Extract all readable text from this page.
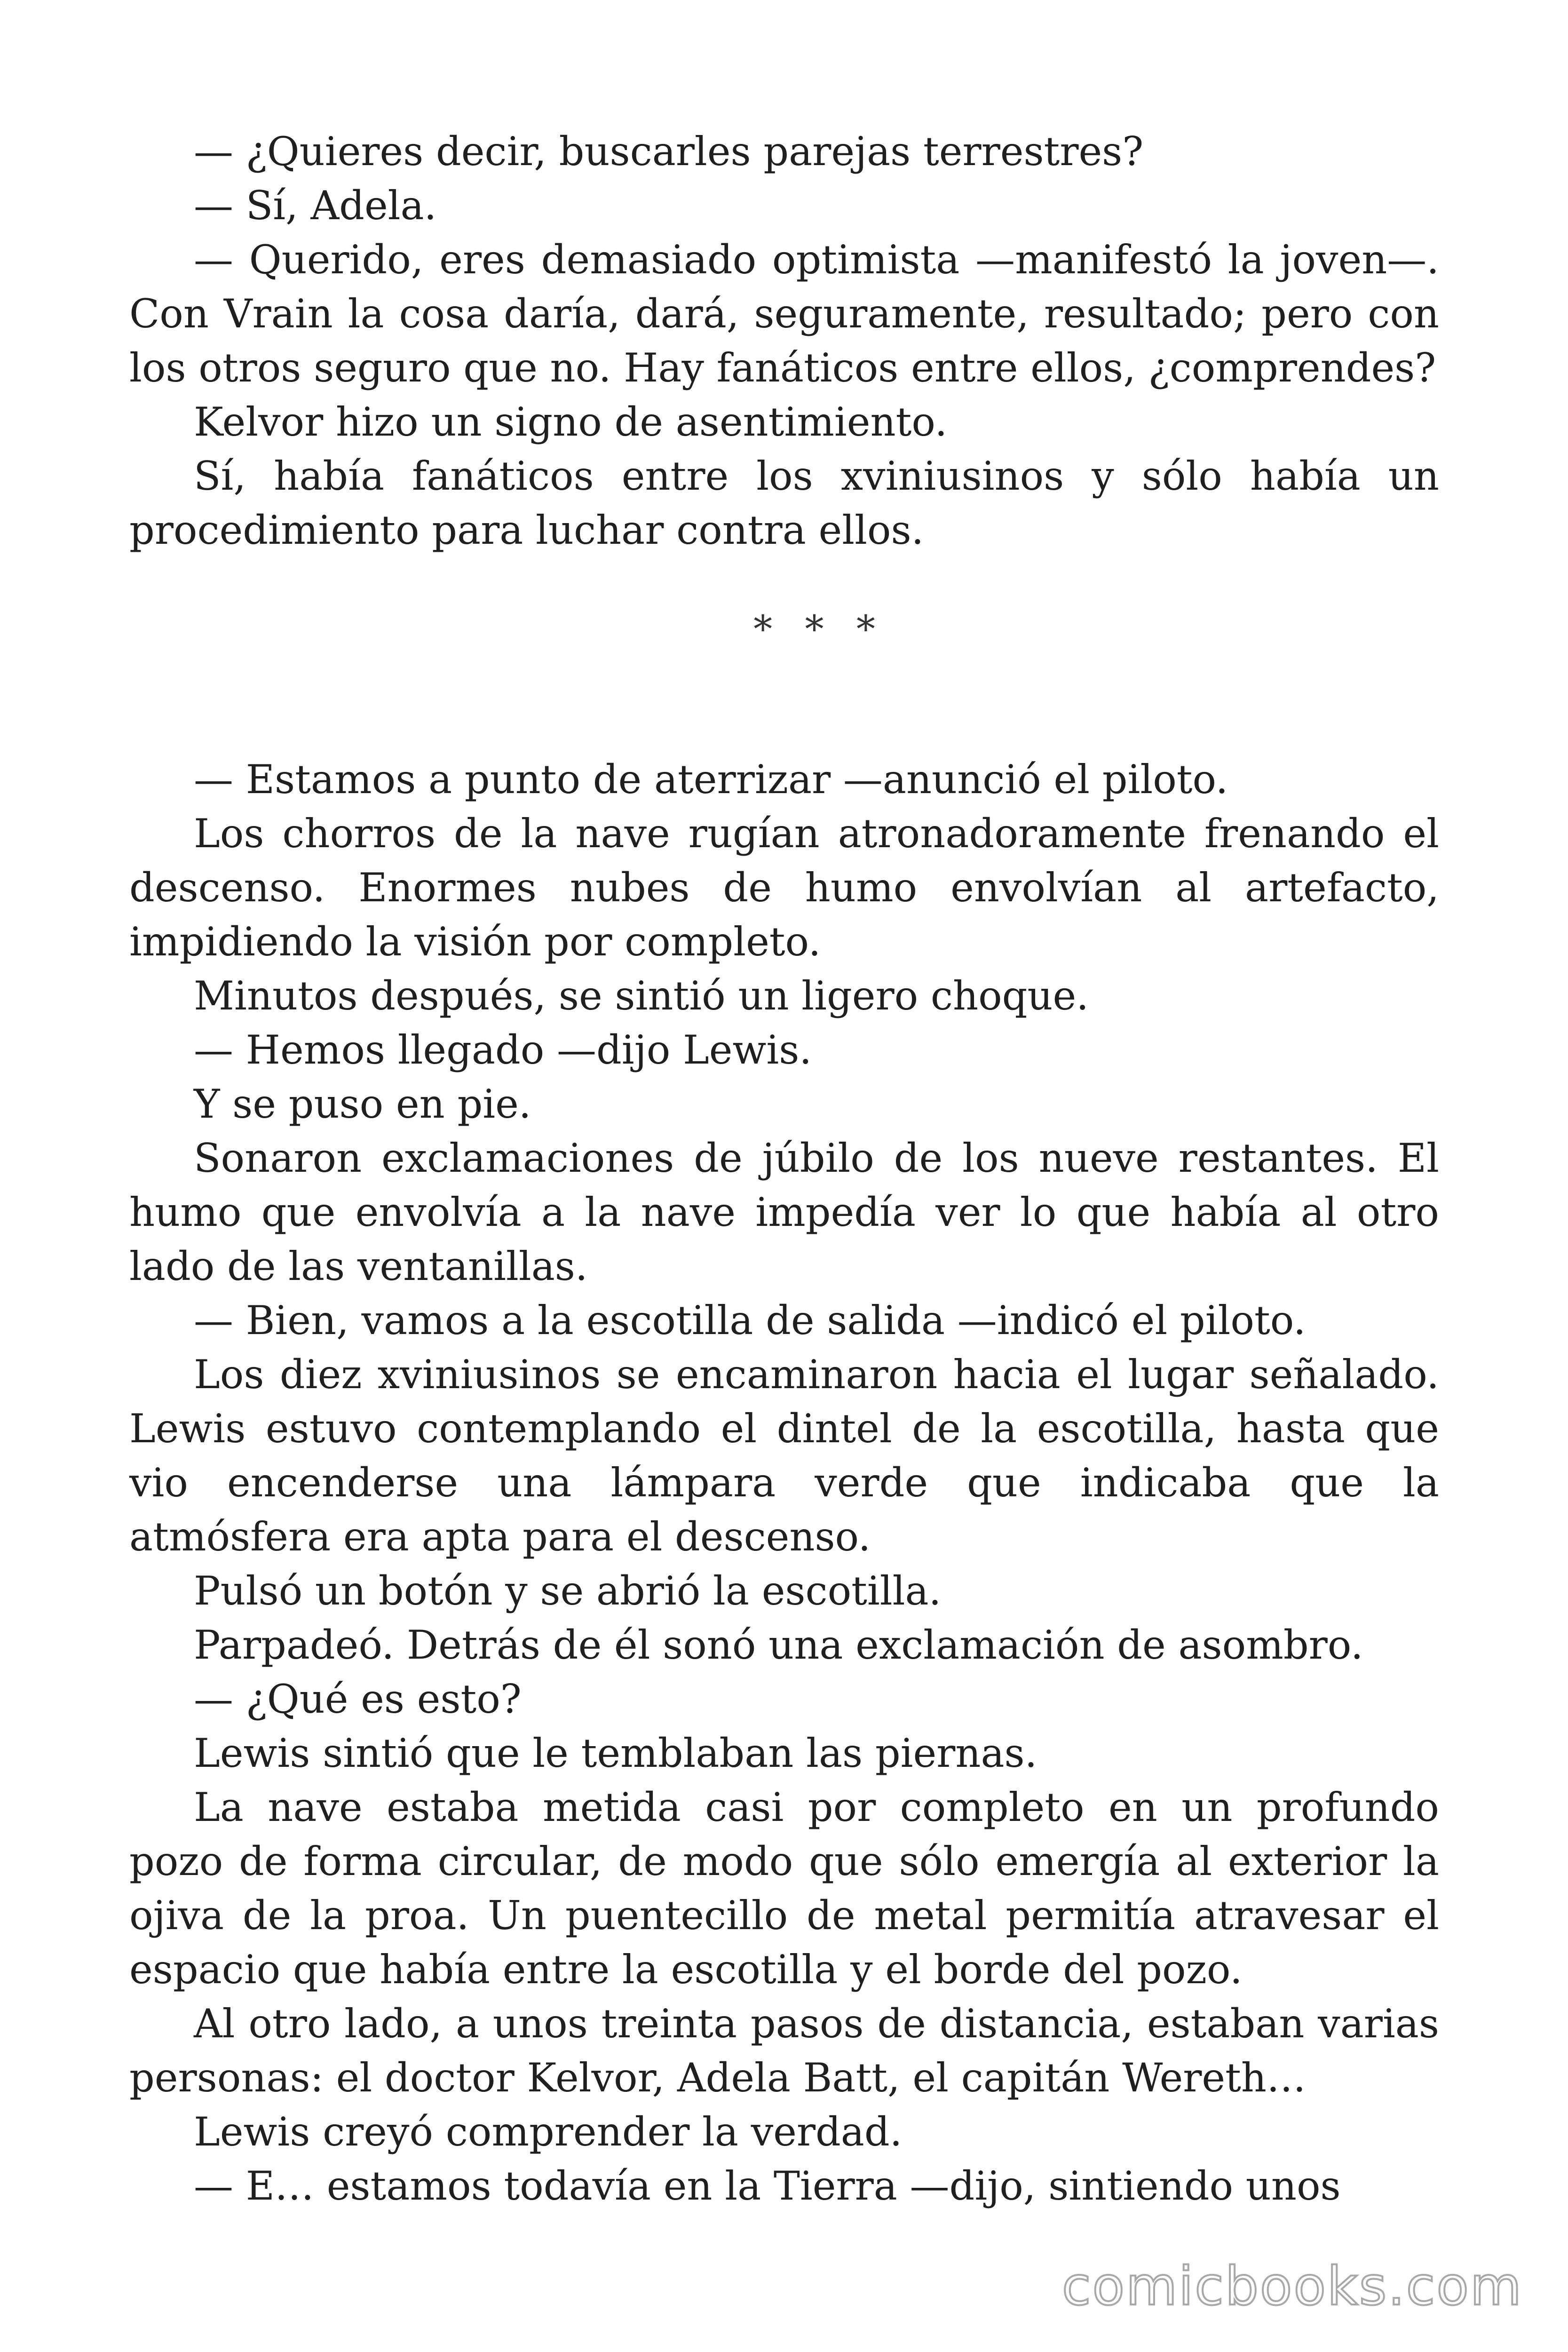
— ¿Quieres decir, buscarles parejas terrestres?

— Sí, Adela.

— Querido, eres demasiado optimista —manifestó la joven—. Con Vrain la cosa daría, dará, seguramente, resultado; pero con los otros seguro que no. Hay fanáticos entre ellos, ¿comprendes?

Kelvor hizo un signo de asentimiento.

Sí, había fanáticos entre los xviniusinos y sólo había un procedimiento para luchar contra ellos.

* * *

— Estamos a punto de aterrizar —anunció el piloto.

Los chorros de la nave rugían atronadoramente frenando el descenso. Enormes nubes de humo envolvían al artefacto, impidiendo la visión por completo.

Minutos después, se sintió un ligero choque.

— Hemos llegado —dijo Lewis.

Y se puso en pie.

Sonaron exclamaciones de júbilo de los nueve restantes. El humo que envolvía a la nave impedía ver lo que había al otro lado de las ventanillas.

— Bien, vamos a la escotilla de salida —indicó el piloto.

Los diez xviniusinos se encaminaron hacia el lugar señalado. Lewis estuvo contemplando el dintel de la escotilla, hasta que vio encenderse una lámpara verde que indicaba que la atmósfera era apta para el descenso.

Pulsó un botón y se abrió la escotilla.

Parpadeó. Detrás de él sonó una exclamación de asombro.

— ¿Qué es esto?

Lewis sintió que le temblaban las piernas.

La nave estaba metida casi por completo en un profundo pozo de forma circular, de modo que sólo emergía al exterior la ojiva de la proa. Un puentecillo de metal permitía atravesar el espacio que había entre la escotilla y el borde del pozo.

Al otro lado, a unos treinta pasos de distancia, estaban varias personas: el doctor Kelvor, Adela Batt, el capitán Wereth…

Lewis creyó comprender la verdad.

— E… estamos todavía en la Tierra —dijo, sintiendo unos

comicbooks.com
